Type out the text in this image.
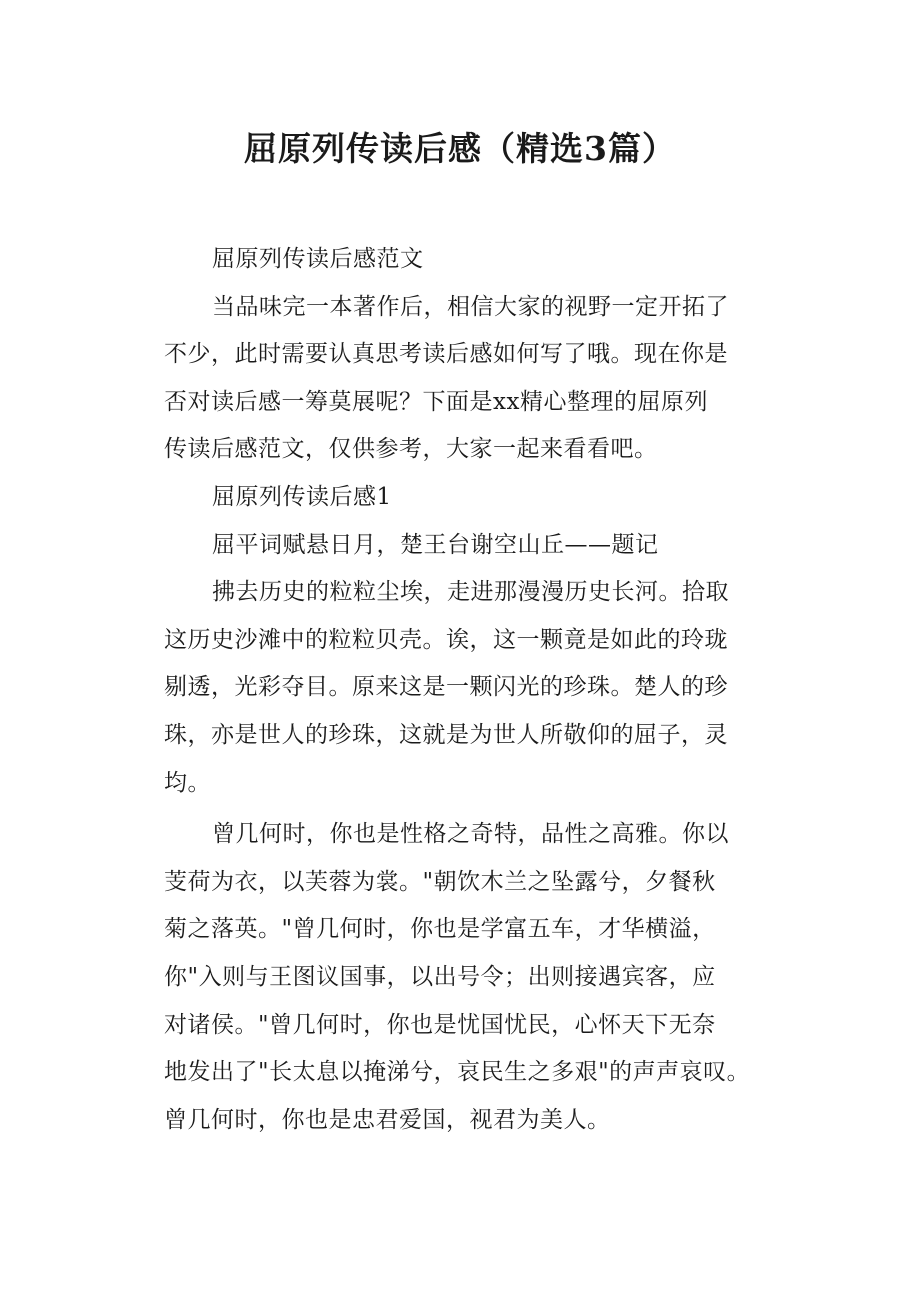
屈原列传读后感（精选3篇）
屈原列传读后感范文
当品味完一本著作后，相信大家的视野一定开拓了
不少，此时需要认真思考读后感如何写了哦。现在你是
否对读后感一筹莫展呢？下面是xx精心整理的屈原列
传读后感范文，仅供参考，大家一起来看看吧。
屈原列传读后感1
屈平词赋悬日月，楚王台谢空山丘——题记
拂去历史的粒粒尘埃，走进那漫漫历史长河。拾取
这历史沙滩中的粒粒贝壳。诶，这一颗竟是如此的玲珑
剔透，光彩夺目。原来这是一颗闪光的珍珠。楚人的珍
珠，亦是世人的珍珠，这就是为世人所敬仰的屈子，灵
均。
曾几何时，你也是性格之奇特，品性之高雅。你以
芰荷为衣，以芙蓉为裳。"朝饮木兰之坠露兮，夕餐秋
菊之落英。"曾几何时，你也是学富五车，才华横溢，
你"入则与王图议国事，以出号令；出则接遇宾客，应
对诸侯。"曾几何时，你也是忧国忧民，心怀天下无奈
地发出了"长太息以掩涕兮，哀民生之多艰"的声声哀叹。
曾几何时，你也是忠君爱国，视君为美人。
